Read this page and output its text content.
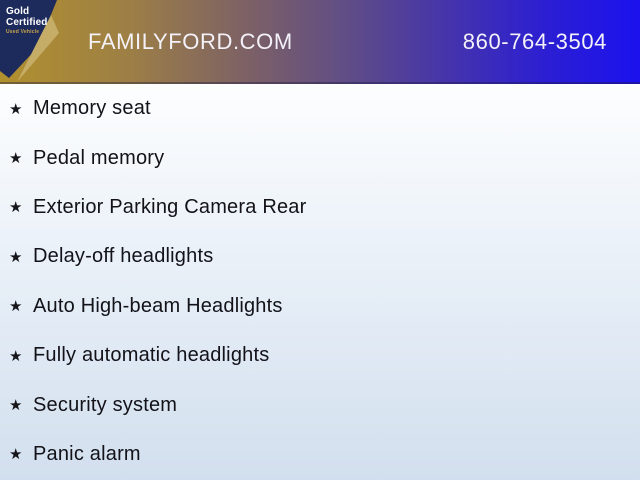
Gold
Certified
Used Vehicle	FAMILYFORD.COM	860-764-3504
★ Memory seat
★ Pedal memory
★ Exterior Parking Camera Rear
★ Delay-off headlights
★ Auto High-beam Headlights
★ Fully automatic headlights
★ Security system
★ Panic alarm
